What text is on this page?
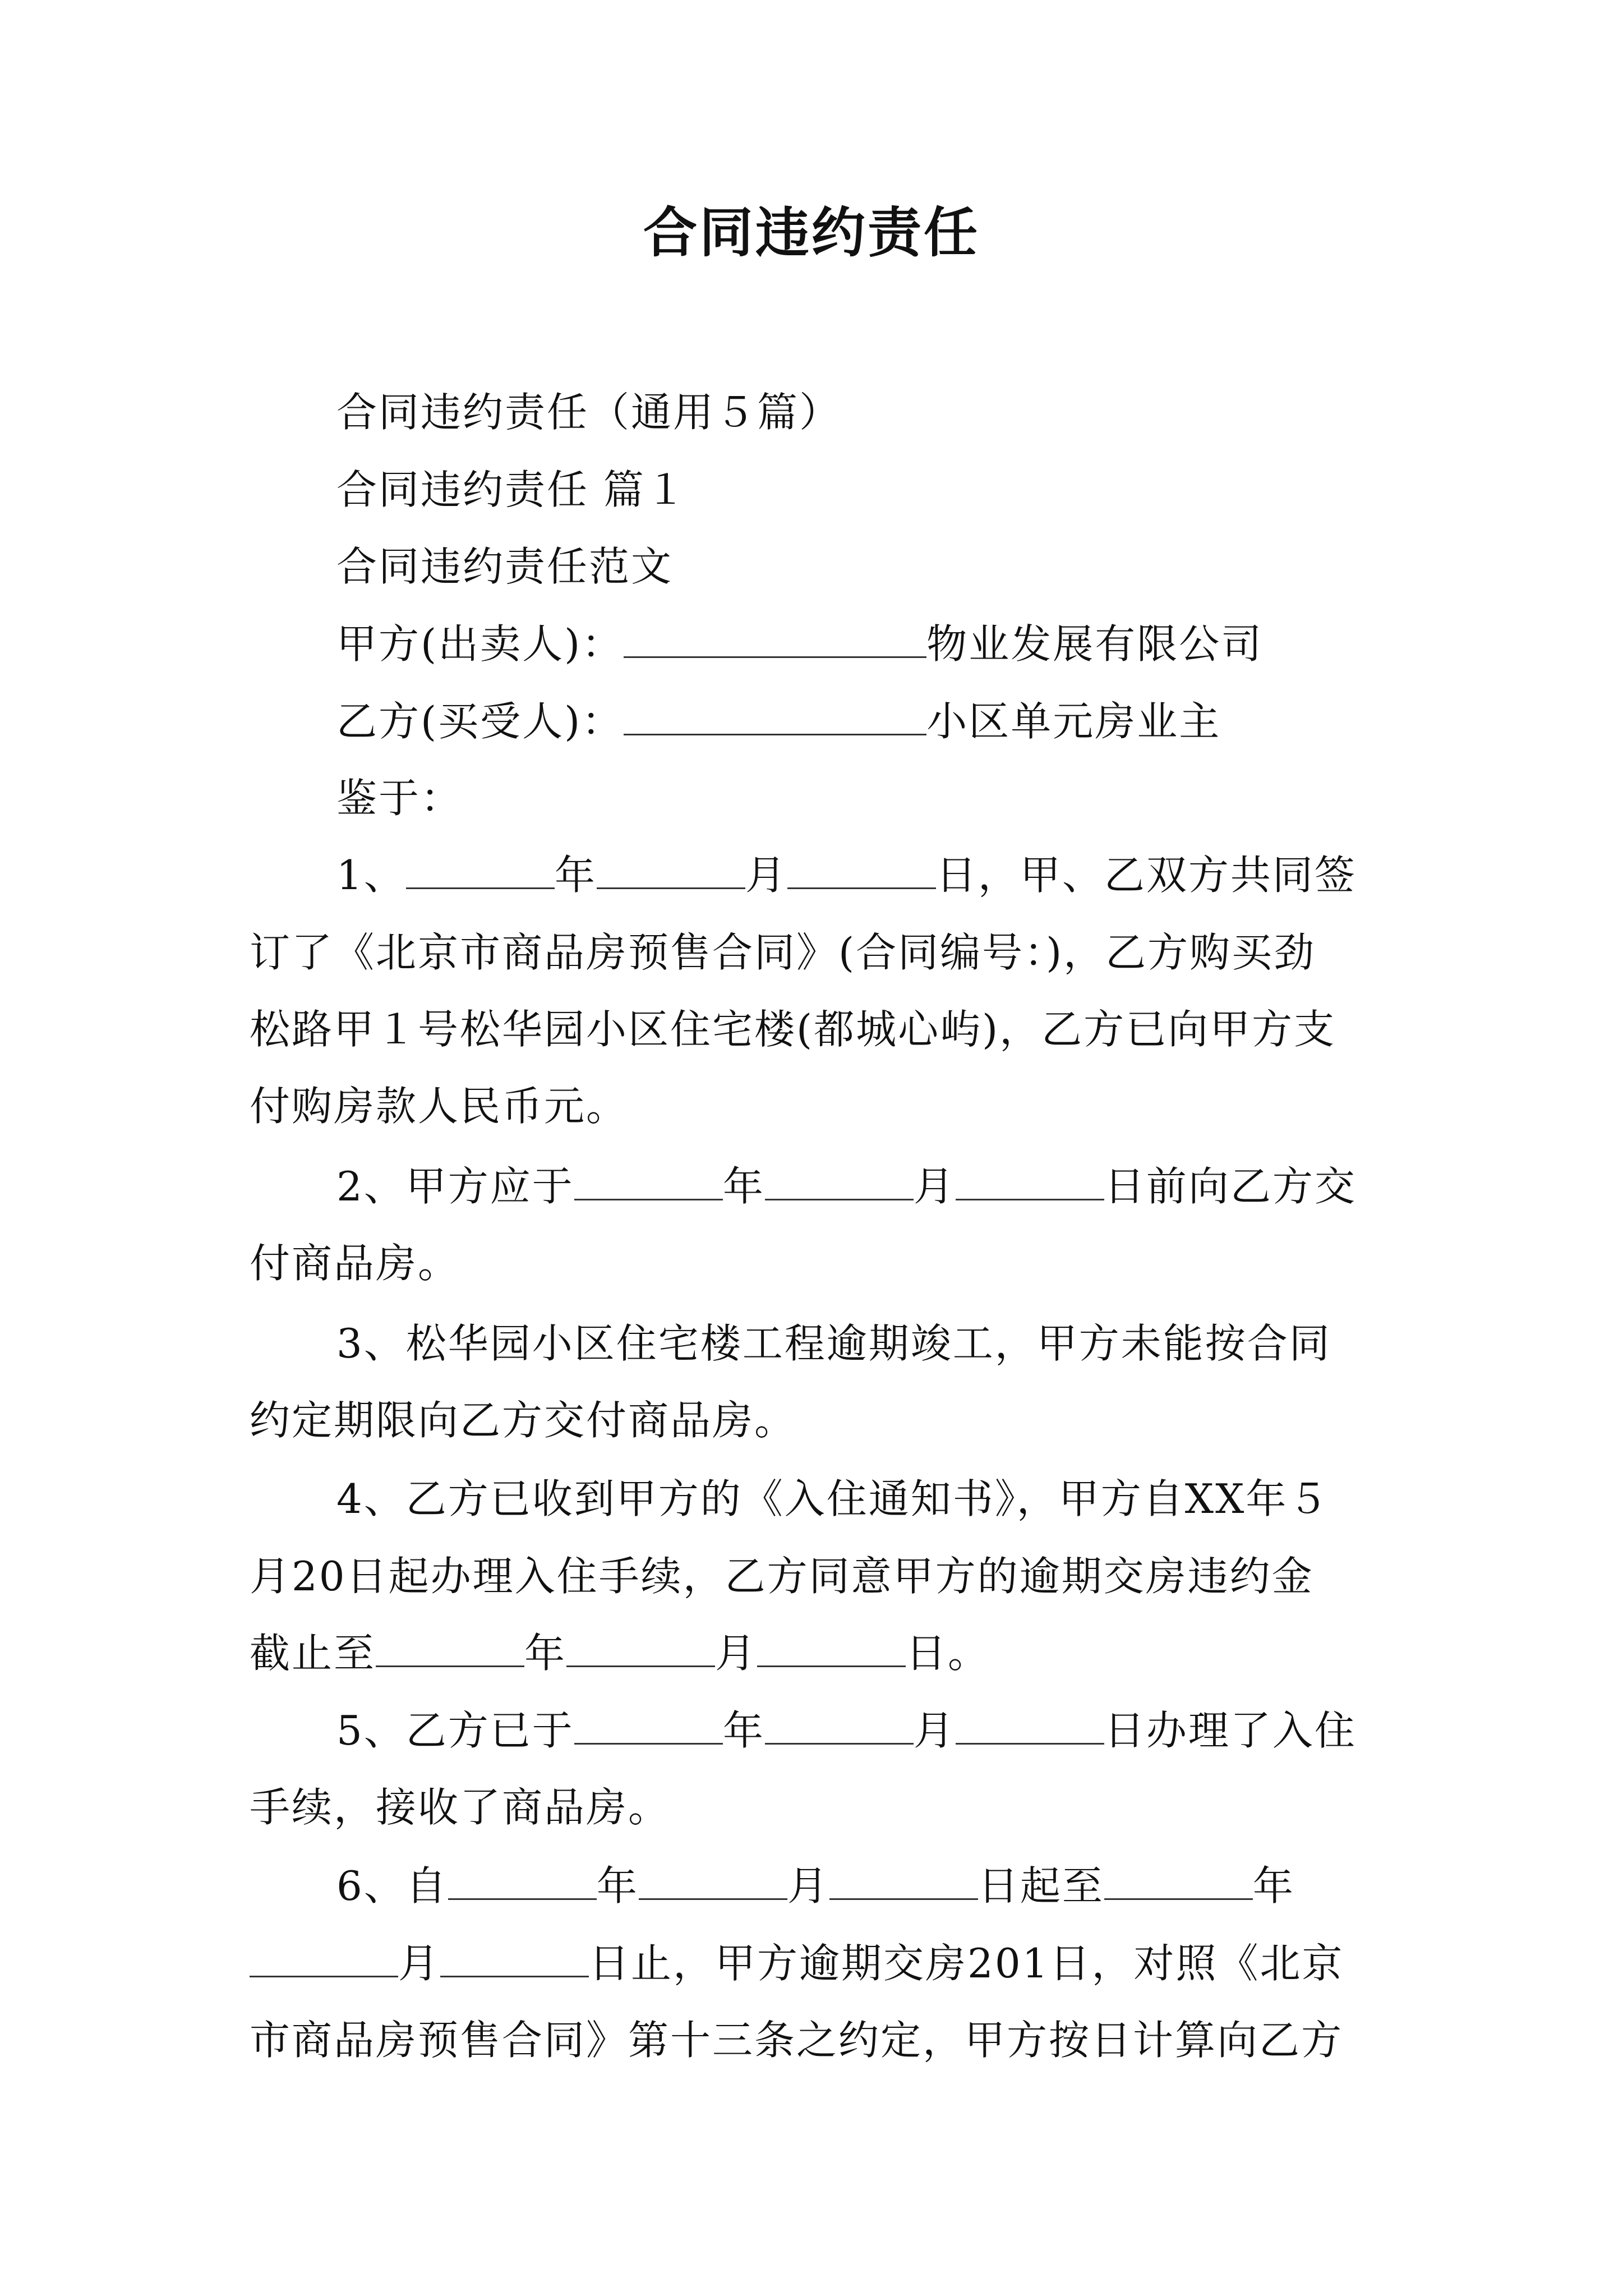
合同违约责任
合同违约责任（通用５篇）
合同违约责任 篇１
合同违约责任范文
甲方(出卖人)：	物业发展有限公司
乙方(买受人)：	小区单元房业主
鉴于：
1、	年	月	日，甲、乙双方共同签
订了《北京市商品房预售合同》(合同编号：)，乙方购买劲
松路甲１号松华园小区住宅楼(都城心屿)，乙方已向甲方支
付购房款人民币元。
2、甲方应于	年	月	日前向乙方交
付商品房。
3、松华园小区住宅楼工程逾期竣工，甲方未能按合同
约定期限向乙方交付商品房。
4、乙方已收到甲方的《入住通知书》，甲方自XX年５
月20日起办理入住手续，乙方同意甲方的逾期交房违约金
截止至	年	月	日。
5、乙方已于	年	月	日办理了入住
手续，接收了商品房。
6、自	年	月	日起至	年
月	日止，甲方逾期交房201日，对照《北京
市商品房预售合同》第十三条之约定，甲方按日计算向乙方
